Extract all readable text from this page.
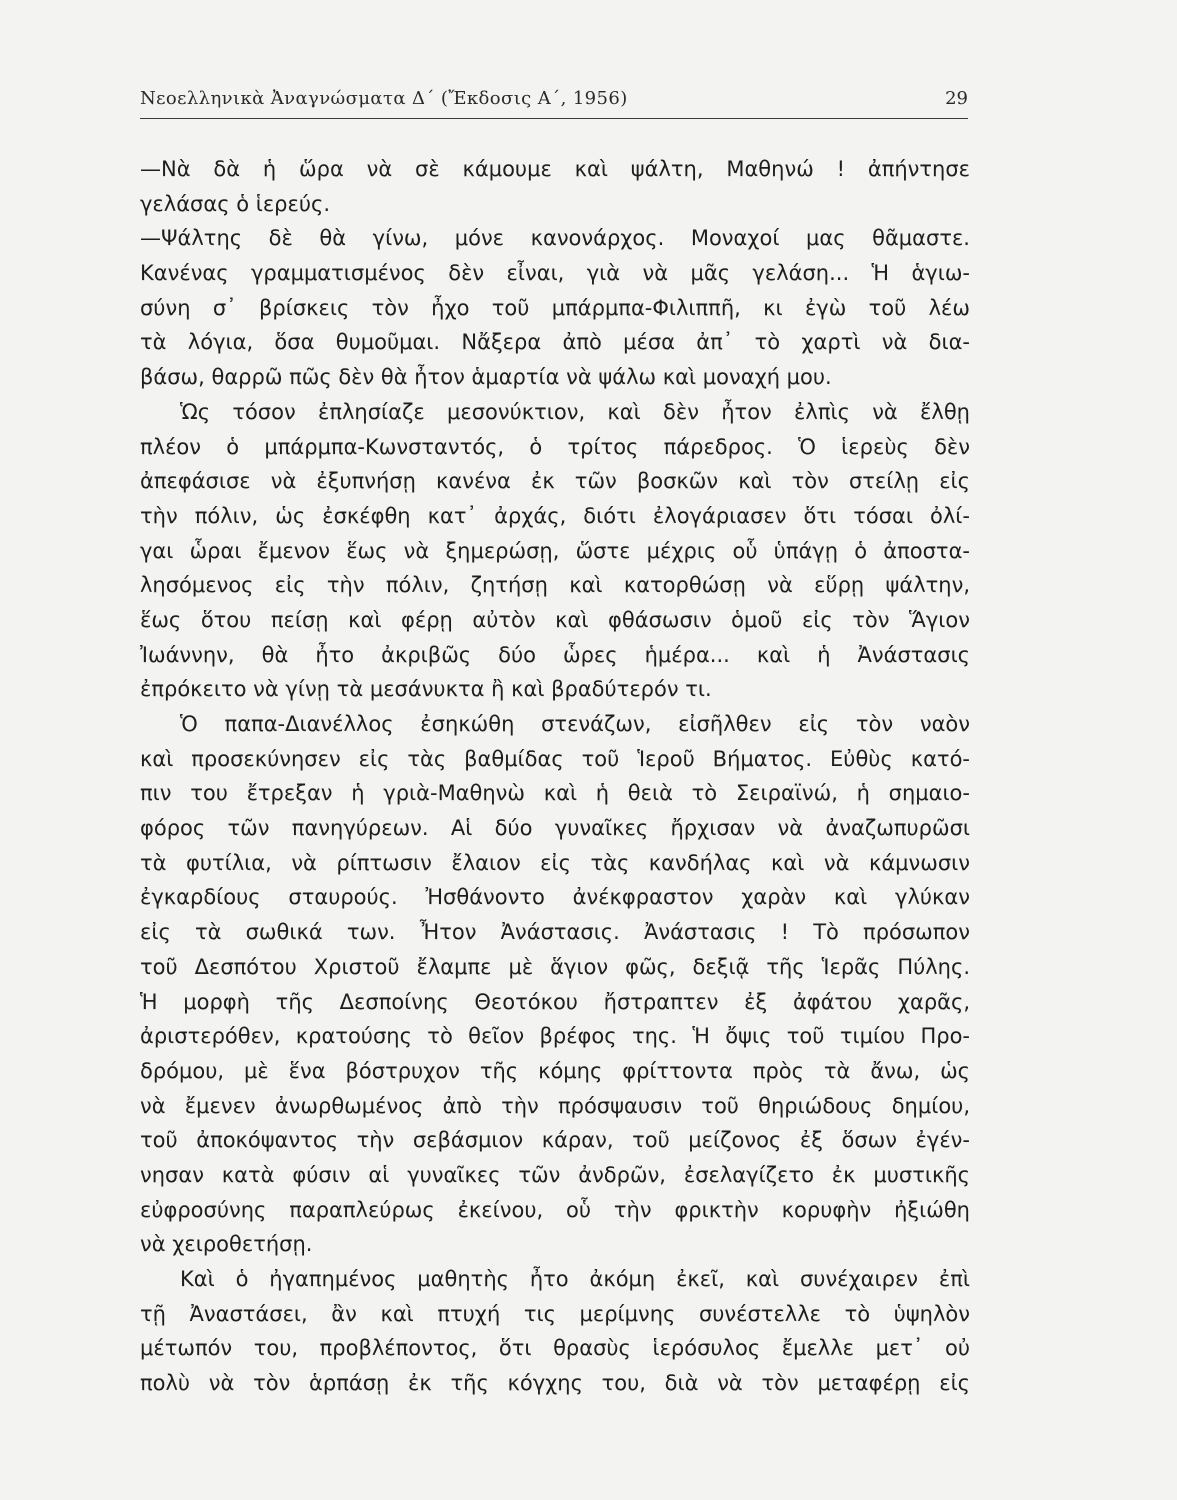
Νεοελληνικὰ Ἀναγνώσματα Δ΄ (Ἔκδοσις Α΄, 1956)	29
—Νὰ δὰ ἡ ὥρα νὰ σὲ κάμουμε καὶ ψάλτη, Μαθηνώ ! ἀπήντησε
γελάσας ὁ ἱερεύς.
—Ψάλτης δὲ θὰ γίνω, μόνε κανονάρχος. Μοναχοί μας θᾶμαστε.
Κανένας γραμματισμένος δὲν εἶναι, γιὰ νὰ μᾶς γελάση... Ἡ ἁγιω-
σύνη σ᾽ βρίσκεις τὸν ἦχο τοῦ μπάρμπα-Φιλιππῆ, κι ἐγὼ τοῦ λέω
τὰ λόγια, ὅσα θυμοῦμαι. Νἄξερα ἀπὸ μέσα ἀπ᾽ τὸ χαρτὶ νὰ δια-
βάσω, θαρρῶ πῶς δὲν θὰ ἦτον ἁμαρτία νὰ ψάλω καὶ μοναχή μου.
Ὡς τόσον ἐπλησίαζε μεσονύκτιον, καὶ δὲν ἦτον ἐλπὶς νὰ ἔλθῃ
πλέον ὁ μπάρμπα-Κωνσταντός, ὁ τρίτος πάρεδρος. Ὁ ἱερεὺς δὲν
ἀπεφάσισε νὰ ἐξυπνήσῃ κανένα ἐκ τῶν βοσκῶν καὶ τὸν στείλῃ εἰς
τὴν πόλιν, ὡς ἐσκέφθη κατ᾽ ἀρχάς, διότι ἐλογάριασεν ὅτι τόσαι ὀλί-
γαι ὧραι ἔμενον ἕως νὰ ξημερώσῃ, ὥστε μέχρις οὗ ὑπάγῃ ὁ ἀποστα-
λησόμενος εἰς τὴν πόλιν, ζητήσῃ καὶ κατορθώσῃ νὰ εὕρῃ ψάλτην,
ἕως ὅτου πείσῃ καὶ φέρῃ αὐτὸν καὶ φθάσωσιν ὁμοῦ εἰς τὸν Ἅγιον
Ἰωάννην, θὰ ἦτο ἀκριβῶς δύο ὧρες ἡμέρα... καὶ ἡ Ἀνάστασις
ἐπρόκειτο νὰ γίνῃ τὰ μεσάνυκτα ἢ καὶ βραδύτερόν τι.
Ὁ παπα-Διανέλλος ἐσηκώθη στενάζων, εἰσῆλθεν εἰς τὸν ναὸν
καὶ προσεκύνησεν εἰς τὰς βαθμίδας τοῦ Ἱεροῦ Βήματος. Εὐθὺς κατό-
πιν του ἔτρεξαν ἡ γριὰ-Μαθηνὼ καὶ ἡ θειὰ τὸ Σειραϊνώ, ἡ σημαιο-
φόρος τῶν πανηγύρεων. Αἱ δύο γυναῖκες ἤρχισαν νὰ ἀναζωπυρῶσι
τὰ φυτίλια, νὰ ρίπτωσιν ἔλαιον εἰς τὰς κανδήλας καὶ νὰ κάμνωσιν
ἐγκαρδίους σταυρούς. Ἠσθάνοντο ἀνέκφραστον χαρὰν καὶ γλύκαν
εἰς τὰ σωθικά των. Ἦτον Ἀνάστασις. Ἀνάστασις ! Τὸ πρόσωπον
τοῦ Δεσπότου Χριστοῦ ἔλαμπε μὲ ἅγιον φῶς, δεξιᾷ τῆς Ἱερᾶς Πύλης.
Ἡ μορφὴ τῆς Δεσποίνης Θεοτόκου ἤστραπτεν ἐξ ἀφάτου χαρᾶς,
ἀριστερόθεν, κρατούσης τὸ θεῖον βρέφος της. Ἡ ὄψις τοῦ τιμίου Προ-
δρόμου, μὲ ἕνα βόστρυχον τῆς κόμης φρίττοντα πρὸς τὰ ἄνω, ὡς
νὰ ἔμενεν ἀνωρθωμένος ἀπὸ τὴν πρόσψαυσιν τοῦ θηριώδους δημίου,
τοῦ ἀποκόψαντος τὴν σεβάσμιον κάραν, τοῦ μείζονος ἐξ ὅσων ἐγέν-
νησαν κατὰ φύσιν αἱ γυναῖκες τῶν ἀνδρῶν, ἐσελαγίζετο ἐκ μυστικῆς
εὐφροσύνης παραπλεύρως ἐκείνου, οὗ τὴν φρικτὴν κορυφὴν ἠξιώθη
νὰ χειροθετήσῃ.
Καὶ ὁ ἠγαπημένος μαθητὴς ἦτο ἀκόμη ἐκεῖ, καὶ συνέχαιρεν ἐπὶ
τῇ Ἀναστάσει, ἂν καὶ πτυχή τις μερίμνης συνέστελλε τὸ ὑψηλὸν
μέτωπόν του, προβλέποντος, ὅτι θρασὺς ἱερόσυλος ἔμελλε μετ᾽ οὐ
πολὺ νὰ τὸν ἁρπάσῃ ἐκ τῆς κόγχης του, διὰ νὰ τὸν μεταφέρῃ εἰς
